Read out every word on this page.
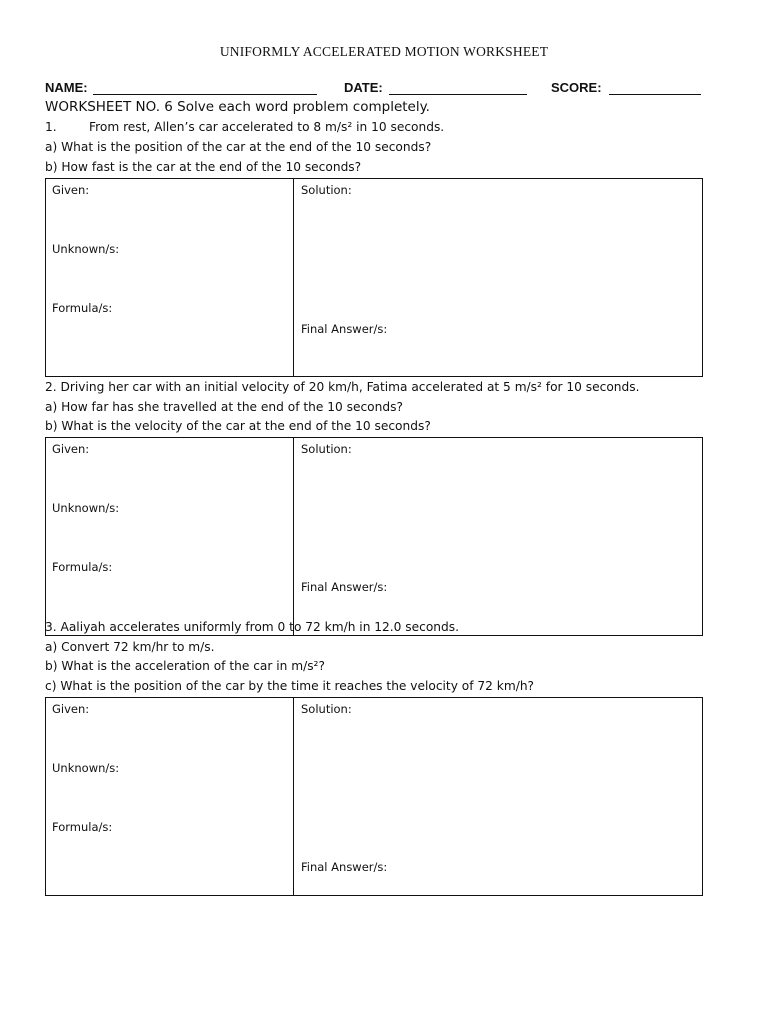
UNIFORMLY ACCELERATED MOTION WORKSHEET
NAME:	DATE:	SCORE:
WORKSHEET NO. 6 Solve each word problem completely.
1.	From rest, Allen’s car accelerated to 8 m/s² in 10 seconds.
a) What is the position of the car at the end of the 10 seconds?
b) How fast is the car at the end of the 10 seconds?
Given:
Unknown/s:
Formula/s:
Solution:
Final Answer/s:
2. Driving her car with an initial velocity of 20 km/h, Fatima accelerated at 5 m/s² for 10 seconds.
a) How far has she travelled at the end of the 10 seconds?
b) What is the velocity of the car at the end of the 10 seconds?
Given:
Unknown/s:
Formula/s:
Solution:
Final Answer/s:
3. Aaliyah accelerates uniformly from 0 to 72 km/h in 12.0 seconds.
a) Convert 72 km/hr to m/s.
b) What is the acceleration of the car in m/s²?
c) What is the position of the car by the time it reaches the velocity of 72 km/h?
Given:
Unknown/s:
Formula/s:
Solution:
Final Answer/s:
